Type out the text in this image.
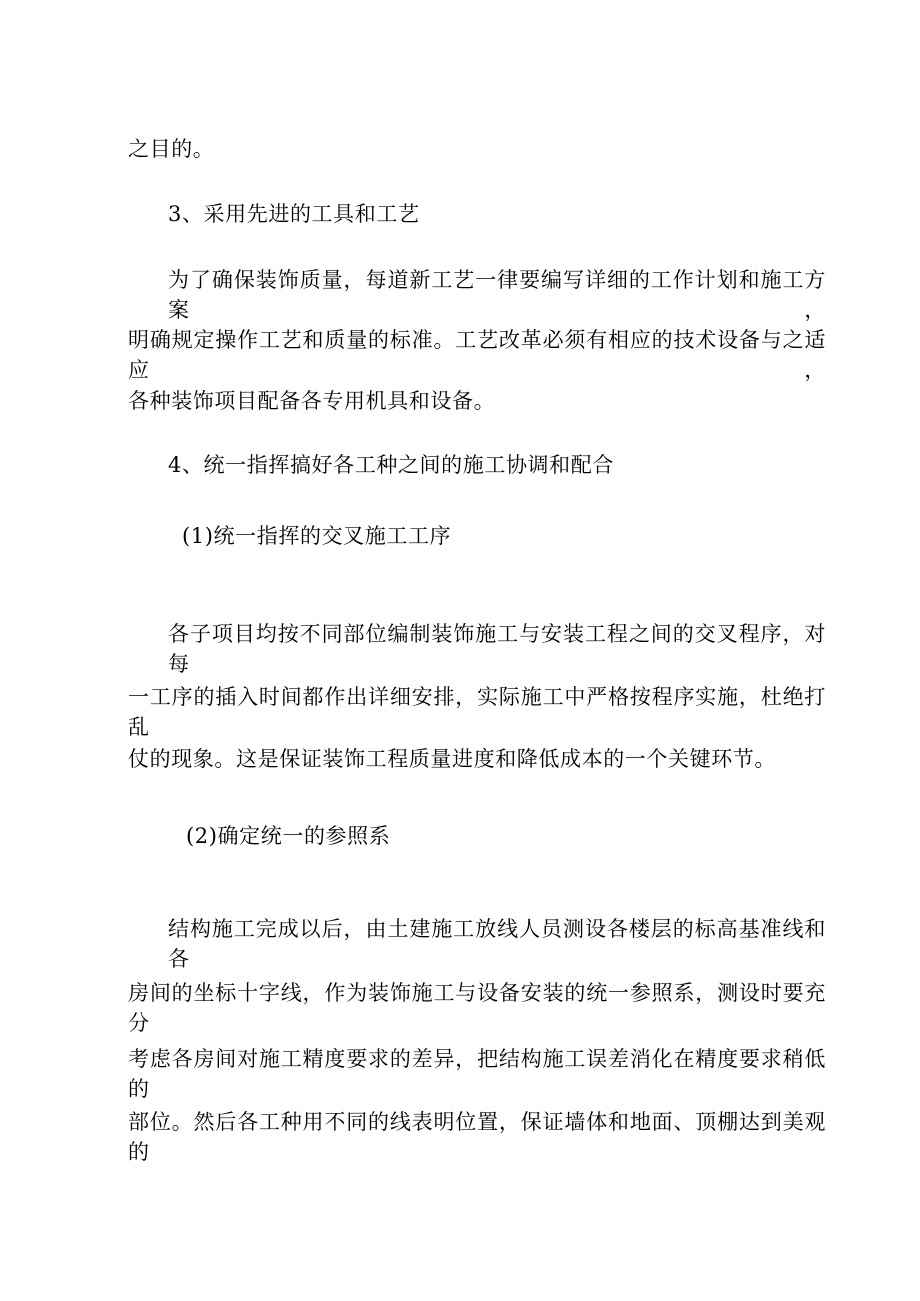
之目的。
3、采用先进的工具和工艺
为了确保装饰质量，每道新工艺一律要编写详细的工作计划和施工方案，
明确规定操作工艺和质量的标准。工艺改革必须有相应的技术设备与之适应，
各种装饰项目配备各专用机具和设备。
4、统一指挥搞好各工种之间的施工协调和配合
(1)统一指挥的交叉施工工序
各子项目均按不同部位编制装饰施工与安装工程之间的交叉程序，对每
一工序的插入时间都作出详细安排，实际施工中严格按程序实施，杜绝打乱
仗的现象。这是保证装饰工程质量进度和降低成本的一个关键环节。
(2)确定统一的参照系
结构施工完成以后，由土建施工放线人员测设各楼层的标高基准线和各
房间的坐标十字线，作为装饰施工与设备安装的统一参照系，测设时要充分
考虑各房间对施工精度要求的差异，把结构施工误差消化在精度要求稍低的
部位。然后各工种用不同的线表明位置，保证墙体和地面、顶棚达到美观的
